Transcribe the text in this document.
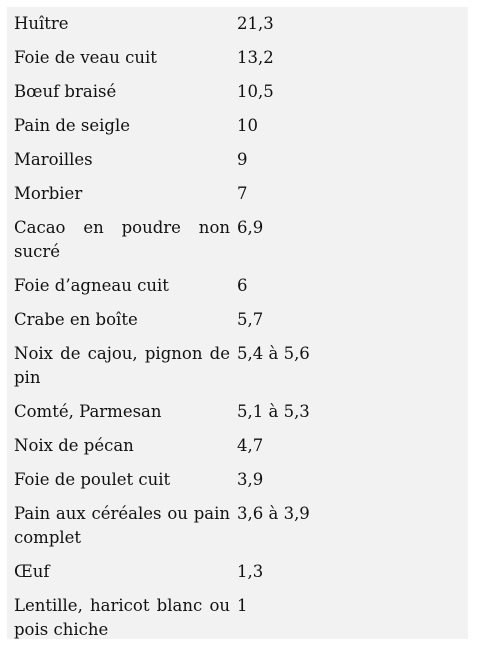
Huître	21,3
Foie de veau cuit	13,2
Bœuf braisé	10,5
Pain de seigle	10
Maroilles	9
Morbier	7
Cacao en poudre non sucré	6,9
Foie d’agneau cuit	6
Crabe en boîte	5,7
Noix de cajou, pignon de pin	5,4 à 5,6
Comté, Parmesan	5,1 à 5,3
Noix de pécan	4,7
Foie de poulet cuit	3,9
Pain aux céréales ou pain complet	3,6 à 3,9
Œuf	1,3
Lentille, haricot blanc ou pois chiche	1
